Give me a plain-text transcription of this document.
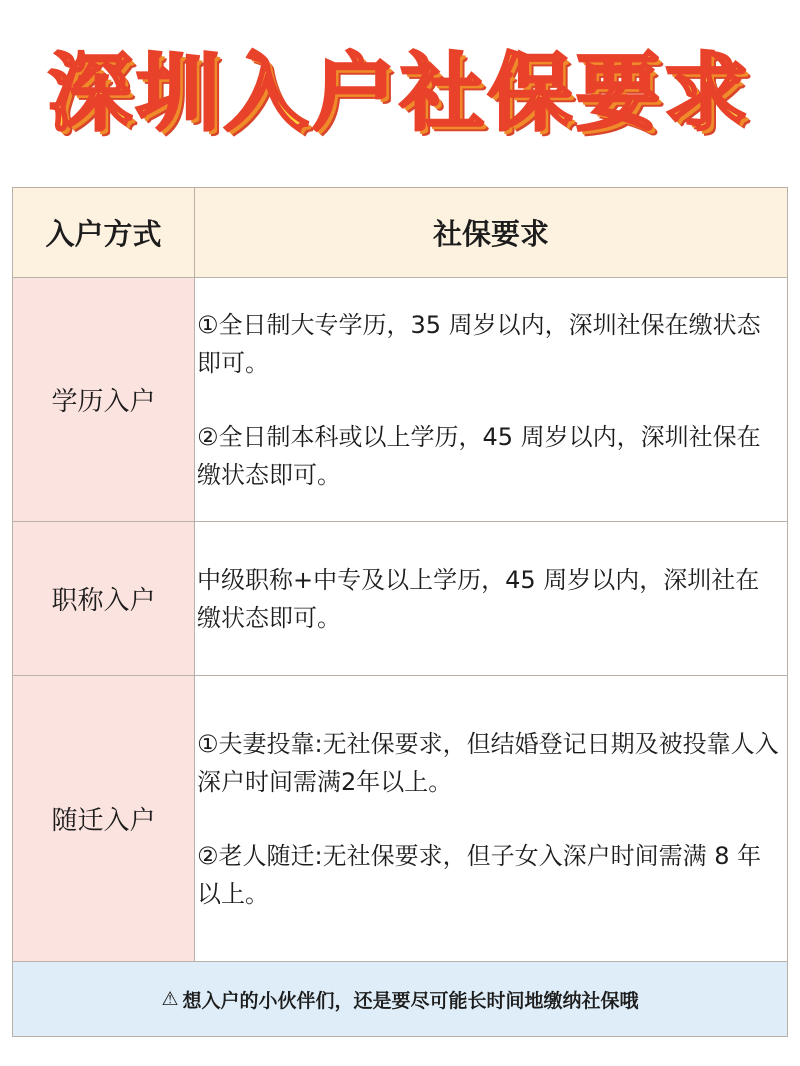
深圳入户社保要求
入户方式	社保要求
学历入户

①全日制大专学历，35 周岁以内，深圳社保在缴状态即可。

②全日制本科或以上学历，45 周岁以内，深圳社保在缴状态即可。

职称入户

中级职称+中专及以上学历，45 周岁以内，深圳社在缴状态即可。

随迁入户

①夫妻投靠:无社保要求，但结婚登记日期及被投靠人入深户时间需满2年以上。

②老人随迁:无社保要求，但子女入深户时间需满 8 年以上。

⚠ 想入户的小伙伴们，还是要尽可能长时间地缴纳社保哦
